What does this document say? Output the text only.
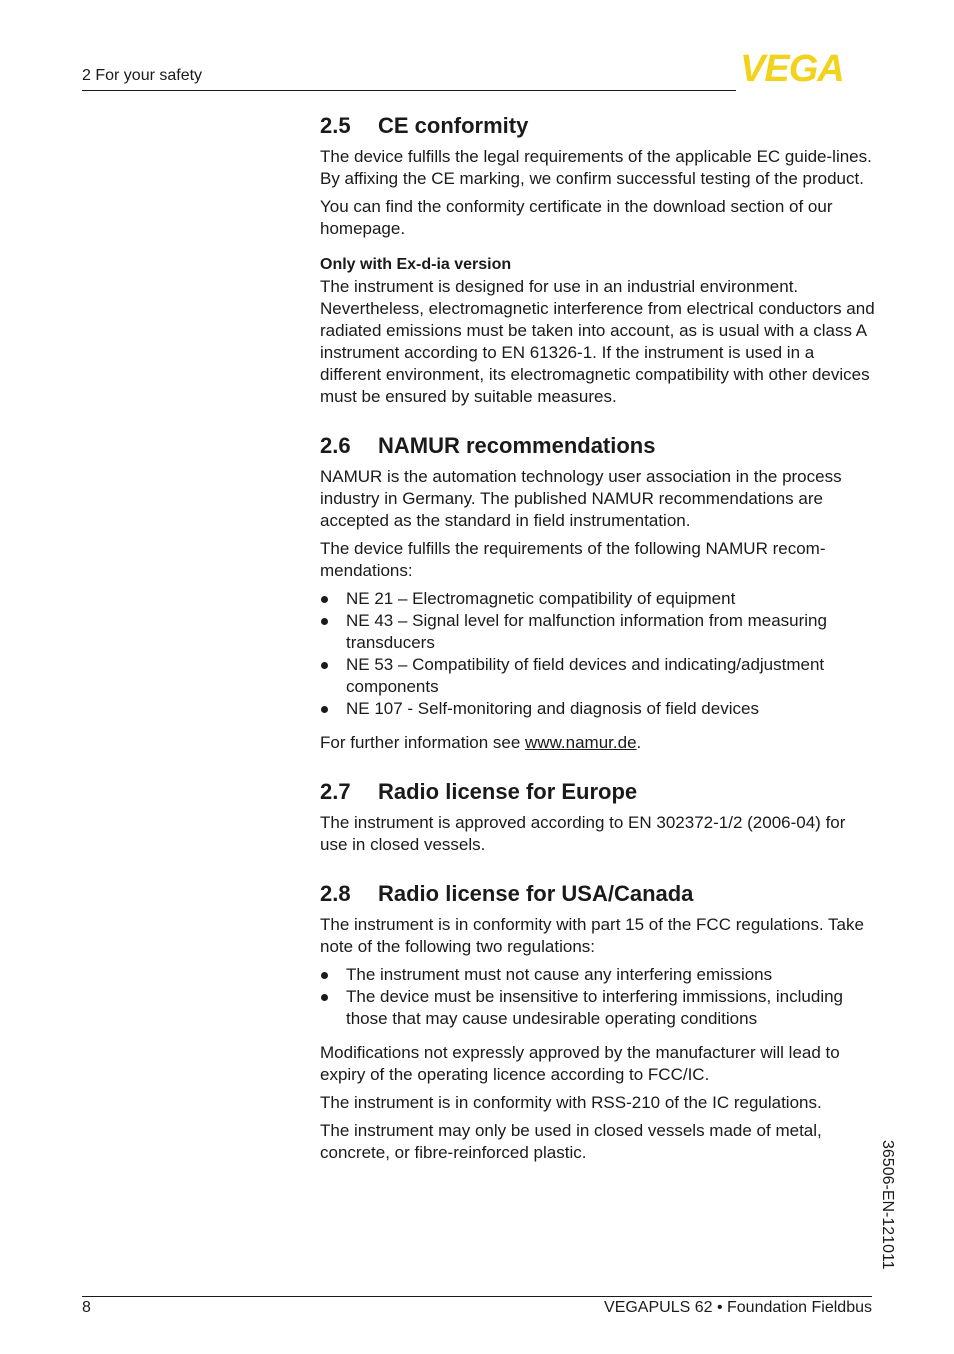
2 For your safety	VEGA
2.5 CE conformity

The device fulfills the legal requirements of the applicable EC guide-lines. By affixing the CE marking, we confirm successful testing of the product.

You can find the conformity certificate in the download section of our homepage.

Only with Ex-d-ia version

The instrument is designed for use in an industrial environment. Nevertheless, electromagnetic interference from electrical conductors and radiated emissions must be taken into account, as is usual with a class A instrument according to EN 61326-1. If the instrument is used in a different environment, its electromagnetic compatibility with other devices must be ensured by suitable measures.

2.6 NAMUR recommendations

NAMUR is the automation technology user association in the process industry in Germany. The published NAMUR recommendations are accepted as the standard in field instrumentation.

The device fulfills the requirements of the following NAMUR recom-mendations:

NE 21 – Electromagnetic compatibility of equipment
NE 43 – Signal level for malfunction information from measuring transducers
NE 53 – Compatibility of field devices and indicating/adjustment components
NE 107 - Self-monitoring and diagnosis of field devices

For further information see www.namur.de.

2.7 Radio license for Europe

The instrument is approved according to EN 302372-1/2 (2006-04) for use in closed vessels.

2.8 Radio license for USA/Canada

The instrument is in conformity with part 15 of the FCC regulations. Take note of the following two regulations:

The instrument must not cause any interfering emissions
The device must be insensitive to interfering immissions, including those that may cause undesirable operating conditions

Modifications not expressly approved by the manufacturer will lead to expiry of the operating licence according to FCC/IC.

The instrument is in conformity with RSS-210 of the IC regulations.

The instrument may only be used in closed vessels made of metal, concrete, or fibre-reinforced plastic.	36506-EN-121011
8	VEGAPULS 62 • Foundation Fieldbus
